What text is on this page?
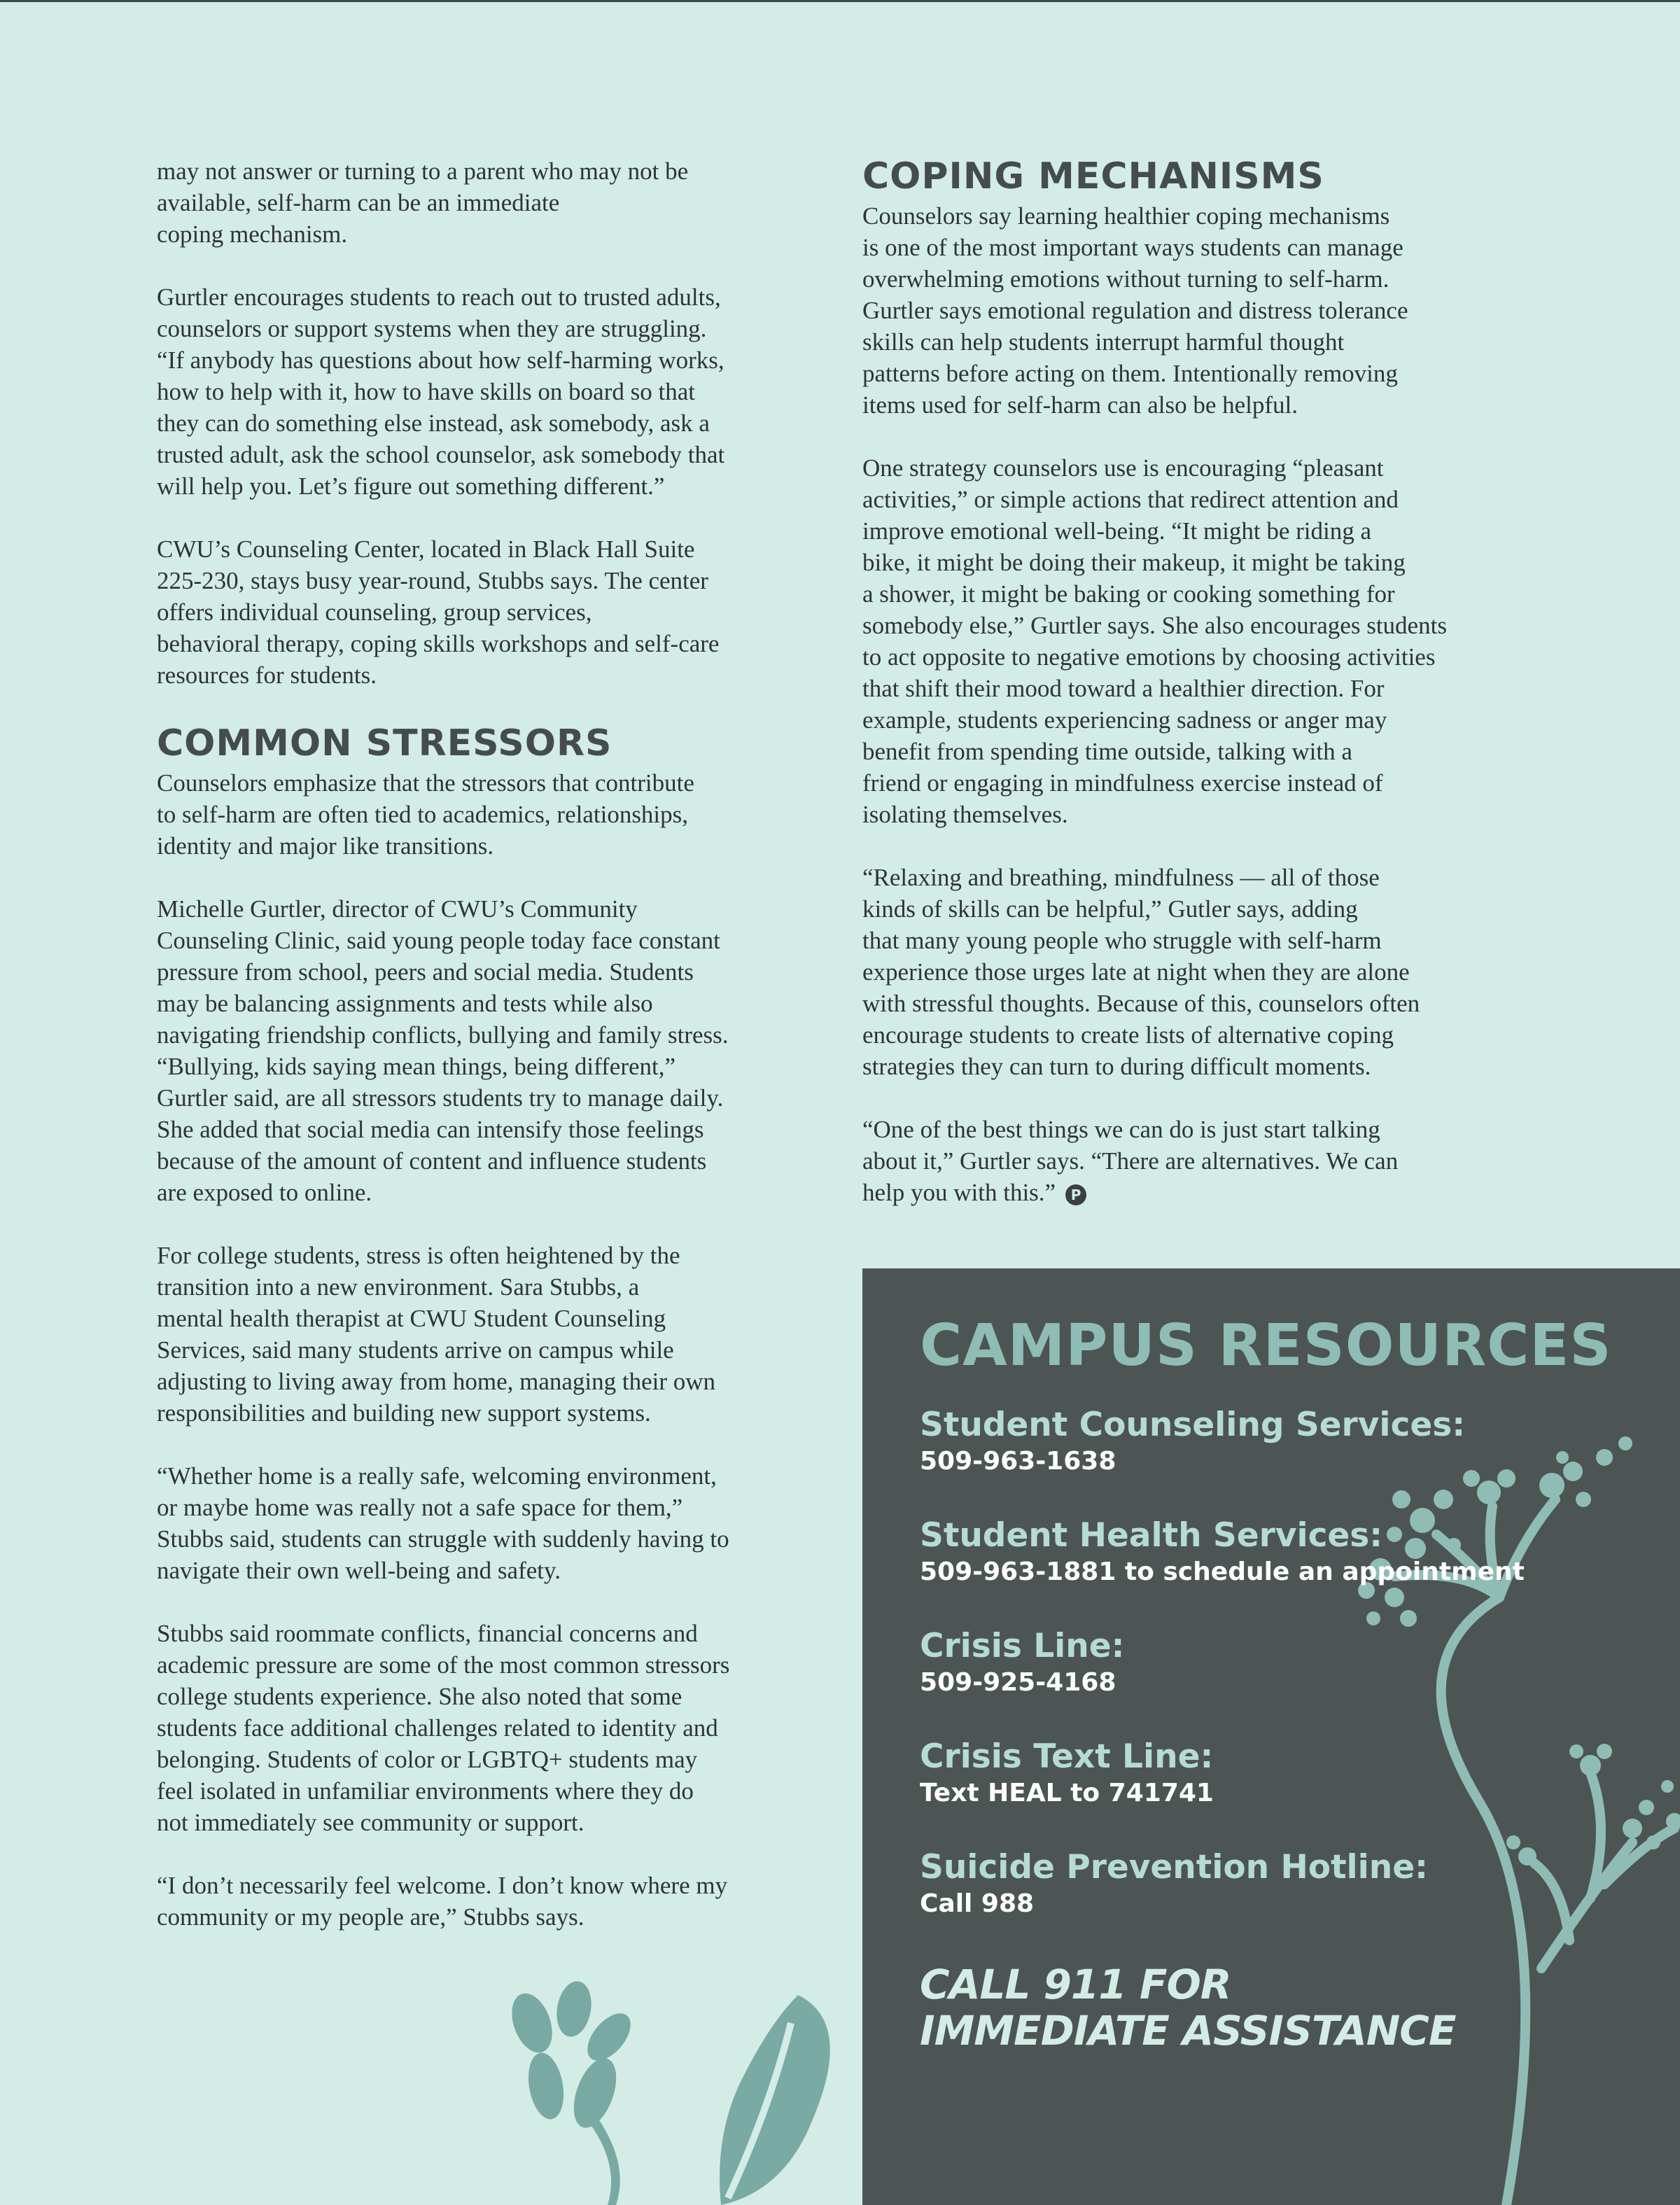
may not answer or turning to a parent who may not be
available, self-harm can be an immediate
coping mechanism.

Gurtler encourages students to reach out to trusted adults,
counselors or support systems when they are struggling.
“If anybody has questions about how self-harming works,
how to help with it, how to have skills on board so that
they can do something else instead, ask somebody, ask a
trusted adult, ask the school counselor, ask somebody that
will help you. Let’s figure out something different.”

CWU’s Counseling Center, located in Black Hall Suite
225-230, stays busy year-round, Stubbs says. The center
offers individual counseling, group services,
behavioral therapy, coping skills workshops and self-care
resources for students.

COMMON STRESSORS

Counselors emphasize that the stressors that contribute
to self-harm are often tied to academics, relationships,
identity and major like transitions.

Michelle Gurtler, director of CWU’s Community
Counseling Clinic, said young people today face constant
pressure from school, peers and social media. Students
may be balancing assignments and tests while also
navigating friendship conflicts, bullying and family stress.
“Bullying, kids saying mean things, being different,”
Gurtler said, are all stressors students try to manage daily.
She added that social media can intensify those feelings
because of the amount of content and influence students
are exposed to online.

For college students, stress is often heightened by the
transition into a new environment. Sara Stubbs, a
mental health therapist at CWU Student Counseling
Services, said many students arrive on campus while
adjusting to living away from home, managing their own
responsibilities and building new support systems.

“Whether home is a really safe, welcoming environment,
or maybe home was really not a safe space for them,”
Stubbs said, students can struggle with suddenly having to
navigate their own well-being and safety.

Stubbs said roommate conflicts, financial concerns and
academic pressure are some of the most common stressors
college students experience. She also noted that some
students face additional challenges related to identity and
belonging. Students of color or LGBTQ+ students may
feel isolated in unfamiliar environments where they do
not immediately see community or support.

“I don’t necessarily feel welcome. I don’t know where my
community or my people are,” Stubbs says.

COPING MECHANISMS

Counselors say learning healthier coping mechanisms
is one of the most important ways students can manage
overwhelming emotions without turning to self-harm.
Gurtler says emotional regulation and distress tolerance
skills can help students interrupt harmful thought
patterns before acting on them. Intentionally removing
items used for self-harm can also be helpful.

One strategy counselors use is encouraging “pleasant
activities,” or simple actions that redirect attention and
improve emotional well-being. “It might be riding a
bike, it might be doing their makeup, it might be taking
a shower, it might be baking or cooking something for
somebody else,” Gurtler says. She also encourages students
to act opposite to negative emotions by choosing activities
that shift their mood toward a healthier direction. For
example, students experiencing sadness or anger may
benefit from spending time outside, talking with a
friend or engaging in mindfulness exercise instead of
isolating themselves.

“Relaxing and breathing, mindfulness — all of those
kinds of skills can be helpful,” Gutler says, adding
that many young people who struggle with self-harm
experience those urges late at night when they are alone
with stressful thoughts. Because of this, counselors often
encourage students to create lists of alternative coping
strategies they can turn to during difficult moments.

“One of the best things we can do is just start talking
about it,” Gurtler says. “There are alternatives. We can
help you with this.” P

CAMPUS RESOURCES
Student Counseling Services:
509-963-1638
Student Health Services:
509-963-1881 to schedule an appointment
Crisis Line:
509-925-4168
Crisis Text Line:
Text HEAL to 741741
Suicide Prevention Hotline:
Call 988
CALL 911 FOR
IMMEDIATE ASSISTANCE
